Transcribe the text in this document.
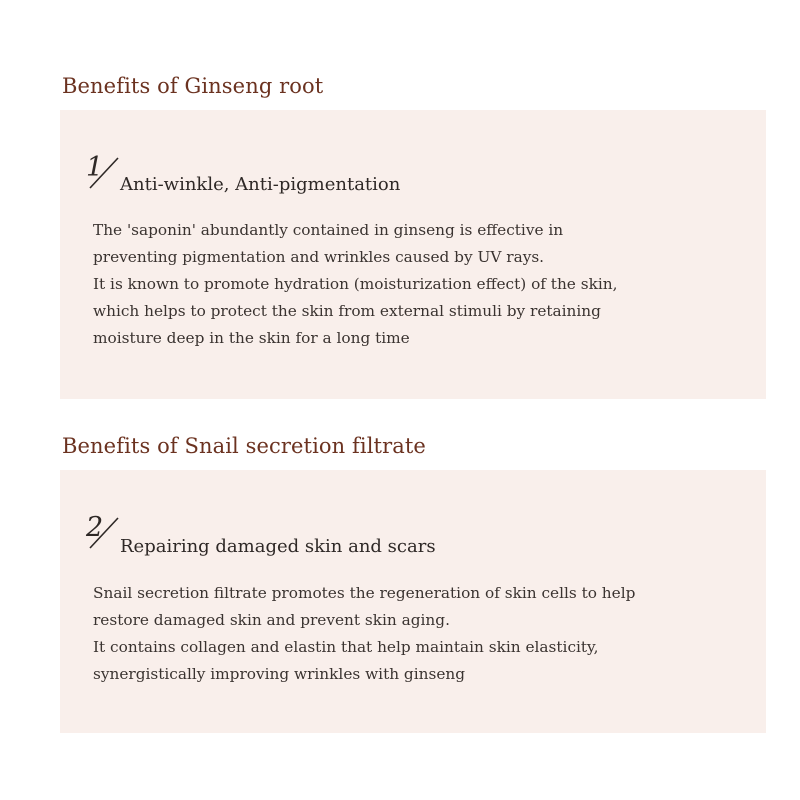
Benefits of Ginseng root
1
Anti-winkle, Anti-pigmentation

The 'saponin' abundantly contained in ginseng is effective in

preventing pigmentation and wrinkles caused by UV rays.

It is known to promote hydration (moisturization effect) of the skin,

which helps to protect the skin from external stimuli by retaining

moisture deep in the skin for a long time

Benefits of Snail secretion filtrate
2
Repairing damaged skin and scars

Snail secretion filtrate promotes the regeneration of skin cells to help

restore damaged skin and prevent skin aging.

It contains collagen and elastin that help maintain skin elasticity,

synergistically improving wrinkles with ginseng
